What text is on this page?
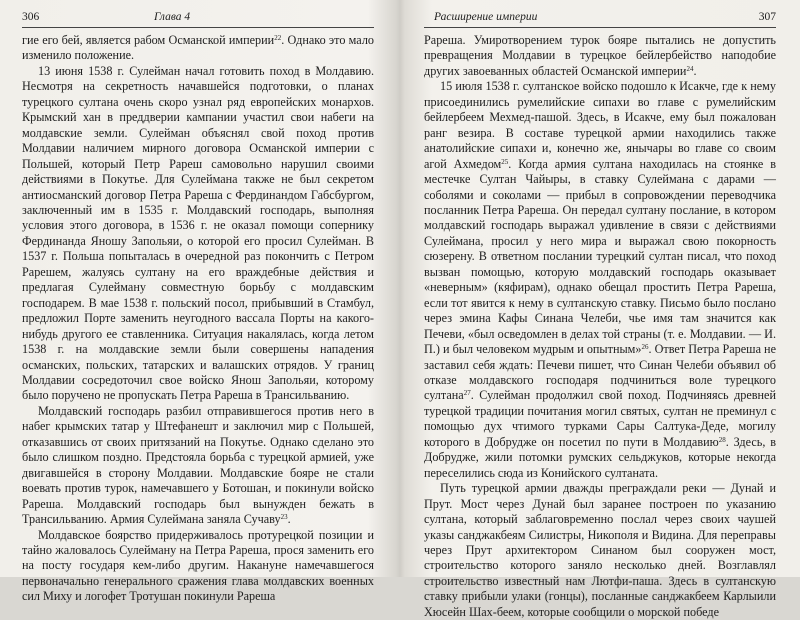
306	Глава 4

гие его бей, является рабом Османской империи$^{22}$. Однако это мало изменило положение.

13 июня 1538 г. Сулейман начал готовить поход в Молдавию. Несмотря на секретность начавшейся подготовки, о планах турецкого султана очень скоро узнал ряд европейских монархов. Крымский хан в преддверии кампании участил свои набеги на молдавские земли. Сулейман объяснял свой поход против Молдавии наличием мирного договора Османской империи с Польшей, который Петр Рареш самовольно нарушил своими действиями в Покутье. Для Сулеймана также не был секретом антиосманский договор Петра Рареша с Фердинандом Габсбургом, заключенный им в 1535 г. Молдавский господарь, выполняя условия этого договора, в 1536 г. не оказал помощи сопернику Фердинанда Яношу Запольяи, о которой его просил Сулейман. В 1537 г. Польша попыталась в очередной раз покончить с Петром Рарешем, жалуясь султану на его враждебные действия и предлагая Сулейману совместную борьбу с молдавским господарем. В мае 1538 г. польский посол, прибывший в Стамбул, предложил Порте заменить неугодного вассала Порты на какого-нибудь другого ее ставленника. Ситуация накалялась, когда летом 1538 г. на молдавские земли были совершены нападения османских, польских, татарских и валашских отрядов. У границ Молдавии сосредоточил свое войско Янош Запольяи, которому было поручено не пропускать Петра Рареша в Трансильванию.

Молдавский господарь разбил отправившегося против него в набег крымских татар у Штефанешт и заключил мир с Польшей, отказавшись от своих притязаний на Покутье. Однако сделано это было слишком поздно. Предстояла борьба с турецкой армией, уже двигавшейся в сторону Молдавии. Молдавские бояре не стали воевать против турок, намечавшего у Ботошан, и покинули войско Рареша. Молдавский господарь был вынужден бежать в Трансильванию. Армия Сулеймана заняла Сучаву$^{23}$.

Молдавское боярство придерживалось протурецкой позиции и тайно жаловалось Сулейману на Петра Рареша, прося заменить его на посту государя кем-либо другим. Накануне намечавшегося первоначально генерального сражения глава молдавских военных сил Миху и логофет Тротушан покинули Рареша

Расширение империи	307

Рареша. Умиротворением турок бояре пытались не допустить превращения Молдавии в турецкое бейлербейство наподобие других завоеванных областей Османской империи$^{24}$.

15 июля 1538 г. султанское войско подошло к Исакче, где к нему присоединились румелийские сипахи во главе с румелийским бейлербеем Мехмед-пашой. Здесь, в Исакче, ему был пожалован ранг везира. В составе турецкой армии находились также анатолийские сипахи и, конечно же, янычары во главе со своим агой Ахмедом$^{25}$. Когда армия султана находилась на стоянке в местечке Султан Чайыры, в ставку Сулеймана с дарами — соболями и соколами — прибыл в сопровождении переводчика посланник Петра Рареша. Он передал султану послание, в котором молдавский господарь выражал удивление в связи с действиями Сулеймана, просил у него мира и выражал свою покорность сюзерену. В ответном послании турецкий султан писал, что поход вызван помощью, которую молдавский господарь оказывает «неверным» (кяфирам), однако обещал простить Петра Рареша, если тот явится к нему в султанскую ставку. Письмо было послано через эмина Кафы Синана Челеби, чье имя там значится как Печеви, «был осведомлен в делах той страны (т. е. Молдавии. — И. П.) и был человеком мудрым и опытным»$^{26}$. Ответ Петра Рареша не заставил себя ждать: Печеви пишет, что Синан Челеби объявил об отказе молдавского господаря подчиниться воле турецкого султана$^{27}$. Сулейман продолжил свой поход. Подчиняясь древней турецкой традиции почитания могил святых, султан не преминул с помощью дух чтимого турками Сары Салтука-Деде, могилу которого в Добрудже он посетил по пути в Молдавию$^{28}$. Здесь, в Добрудже, жили потомки румских сельджуков, которые некогда переселились сюда из Конийского султаната.

Путь турецкой армии дважды преграждали реки — Дунай и Прут. Мост через Дунай был заранее построен по указанию султана, который заблаговременно послал через своих чаушей указы санджакбеям Силистры, Никополя и Видина. Для переправы через Прут архитектором Синаном был сооружен мост, строительство которого заняло несколько дней. Возглавлял строительство известный нам Лютфи-паша. Здесь в султанскую ставку прибыли улаки (гонцы), посланные санджакбеем Карлыили Хюсейн Шах-беем, которые сообщили о морской победе
